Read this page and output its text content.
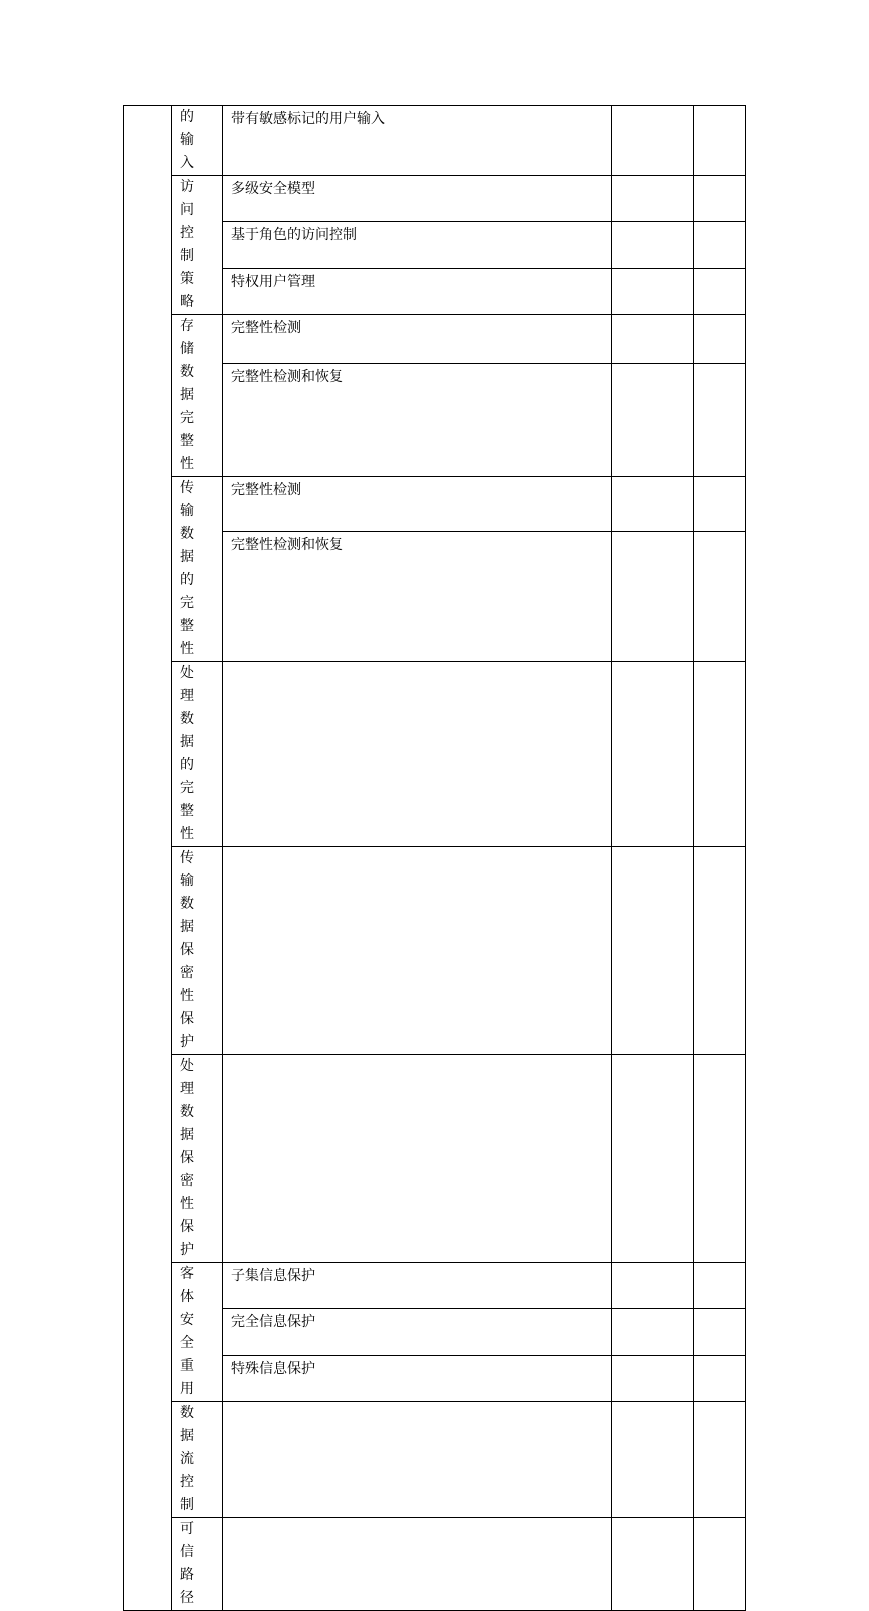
	的输入	带有敏感标记的用户输入		

	访问控制策略	多级安全模型		
		基于角色的访问控制		
		特权用户管理		

	存储数据完整性	完整性检测		
		完整性检测和恢复		

	传输数据的完整性	完整性检测		
		完整性检测和恢复		

	处理数据的完整性			

	传输数据保密性保护			

	处理数据保密性保护			

	客体安全重用	子集信息保护		
		完全信息保护		
		特殊信息保护		

	数据流控制			

	可信路径			
